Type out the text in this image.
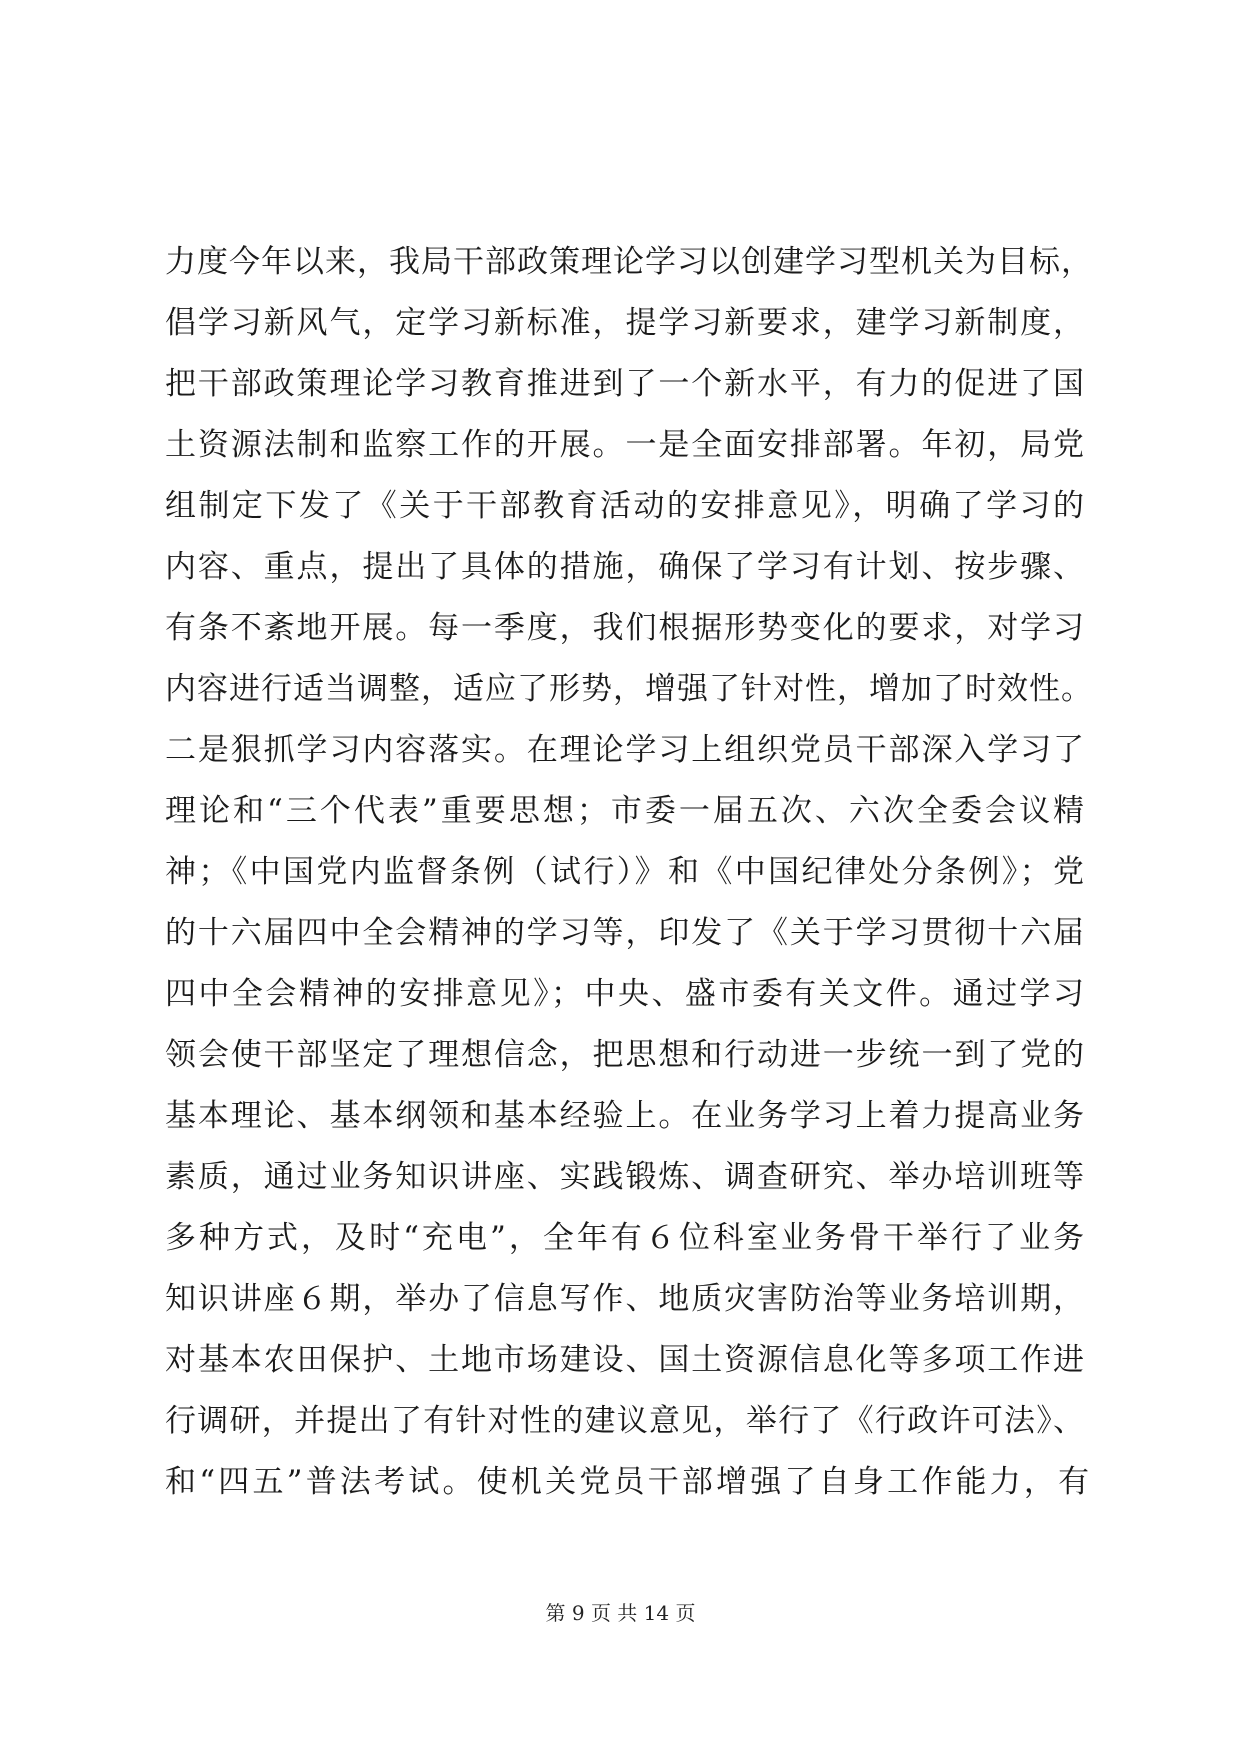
力度今年以来，我局干部政策理论学习以创建学习型机关为目标，
倡学习新风气，定学习新标准，提学习新要求，建学习新制度，
把干部政策理论学习教育推进到了一个新水平，有力的促进了国
土资源法制和监察工作的开展。一是全面安排部署。年初，局党
组制定下发了《关于干部教育活动的安排意见》，明确了学习的
内容、重点，提出了具体的措施，确保了学习有计划、按步骤、
有条不紊地开展。每一季度，我们根据形势变化的要求，对学习
内容进行适当调整，适应了形势，增强了针对性，增加了时效性。
二是狠抓学习内容落实。在理论学习上组织党员干部深入学习了
理论和“三个代表”重要思想；市委一届五次、六次全委会议精
神；《中国党内监督条例（试行）》和《中国纪律处分条例》；党
的十六届四中全会精神的学习等，印发了《关于学习贯彻十六届
四中全会精神的安排意见》；中央、盛市委有关文件。通过学习
领会使干部坚定了理想信念，把思想和行动进一步统一到了党的
基本理论、基本纲领和基本经验上。在业务学习上着力提高业务
素质，通过业务知识讲座、实践锻炼、调查研究、举办培训班等
多种方式，及时“充电”，全年有６位科室业务骨干举行了业务
知识讲座６期，举办了信息写作、地质灾害防治等业务培训期，
对基本农田保护、土地市场建设、国土资源信息化等多项工作进
行调研，并提出了有针对性的建议意见，举行了《行政许可法》、
和“四五”普法考试。使机关党员干部增强了自身工作能力，有
第 9 页 共 14 页
